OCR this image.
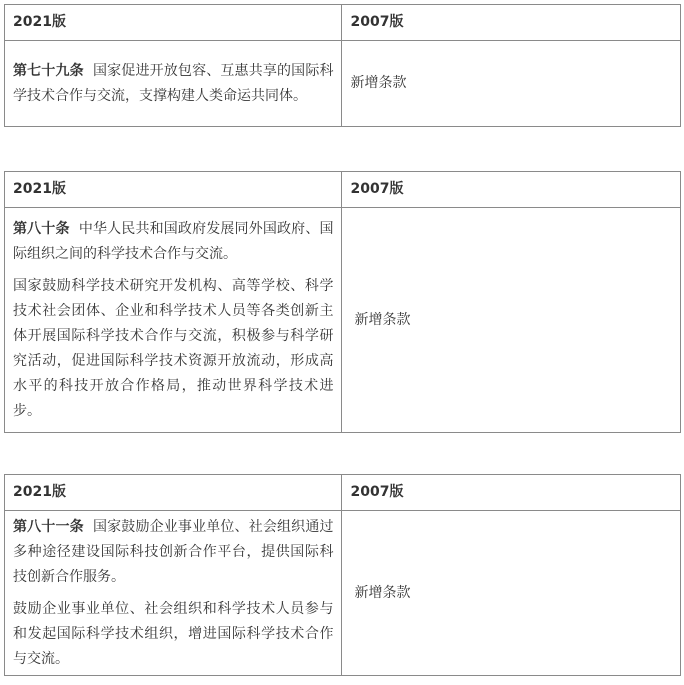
2021版	2007版

第七十九条 国家促进开放包容、互惠共享的国际科学技术合作与交流，支撑构建人类命运共同体。	新增条款
2021版	2007版

第八十条 中华人民共和国政府发展同外国政府、国际组织之间的科学技术合作与交流。

国家鼓励科学技术研究开发机构、高等学校、科学技术社会团体、企业和科学技术人员等各类创新主体开展国际科学技术合作与交流，积极参与科学研究活动，促进国际科学技术资源开放流动，形成高水平的科技开放合作格局，推动世界科学技术进步。	新增条款
2021版	2007版

第八十一条 国家鼓励企业事业单位、社会组织通过多种途径建设国际科技创新合作平台，提供国际科技创新合作服务。

鼓励企业事业单位、社会组织和科学技术人员参与和发起国际科学技术组织，增进国际科学技术合作与交流。	新增条款
